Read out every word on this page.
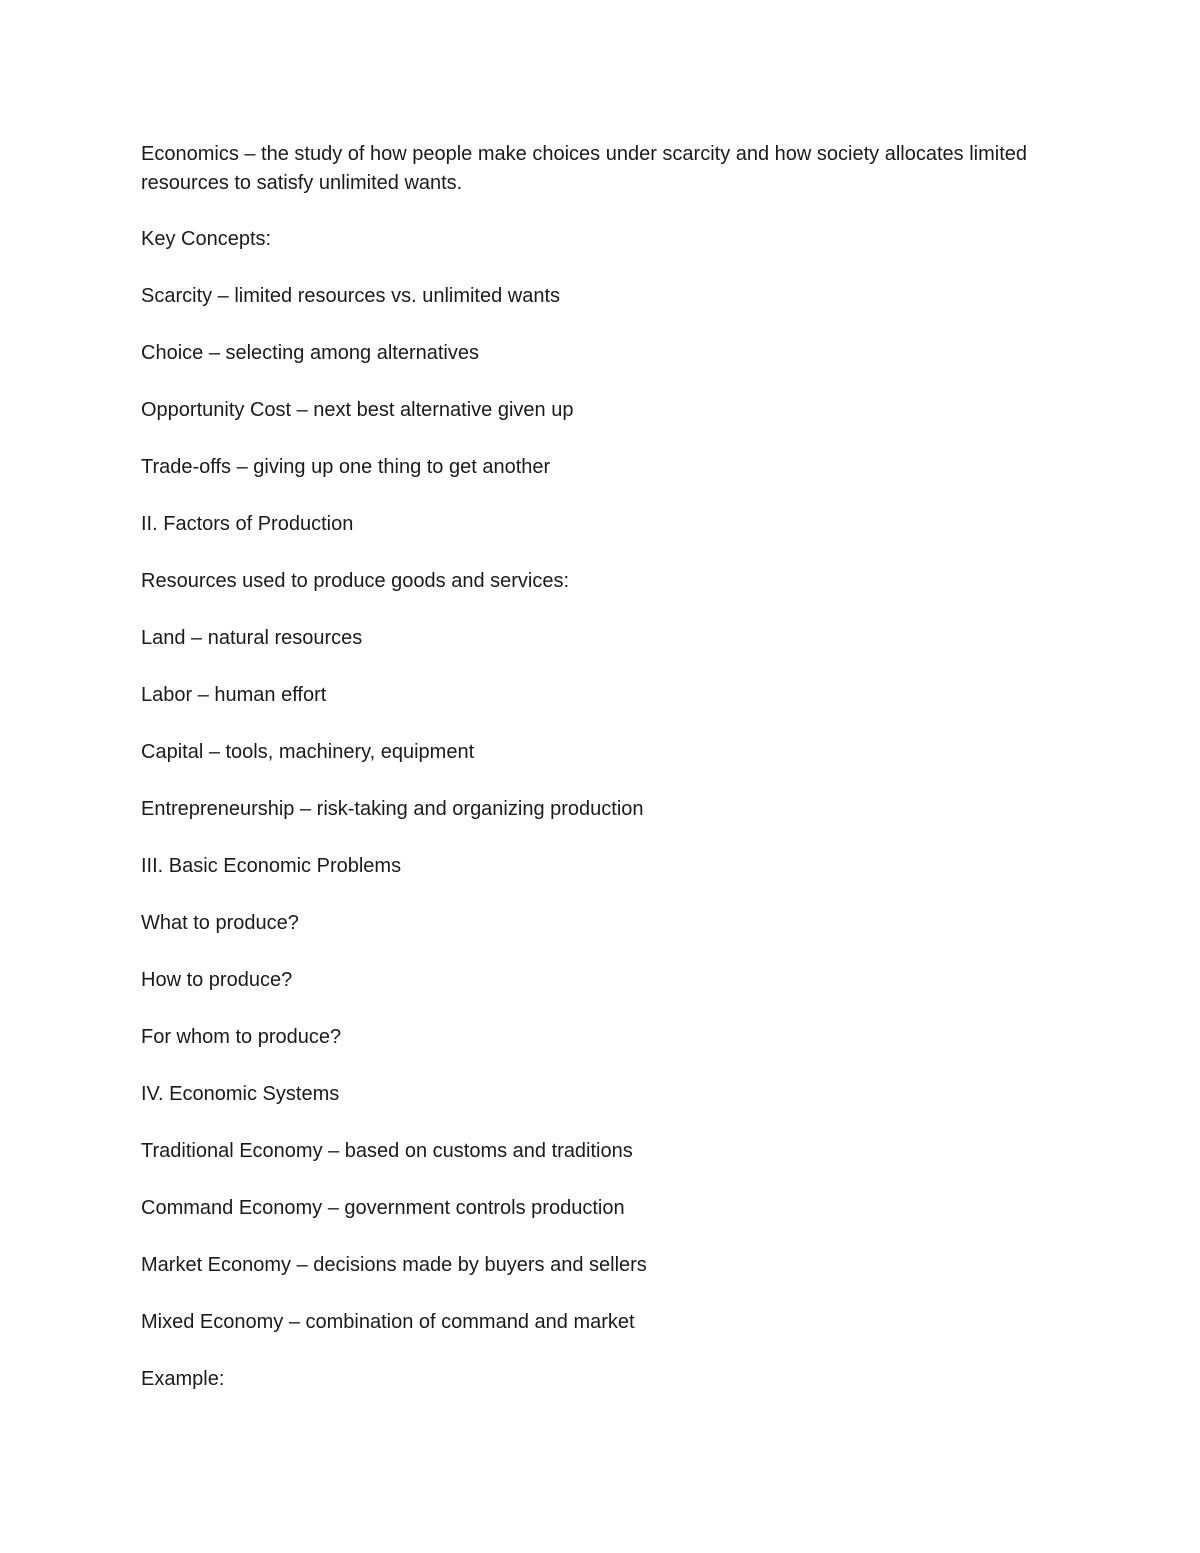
Economics – the study of how people make choices under scarcity and how society allocates limited resources to satisfy unlimited wants.

Key Concepts:

Scarcity – limited resources vs. unlimited wants

Choice – selecting among alternatives

Opportunity Cost – next best alternative given up

Trade-offs – giving up one thing to get another

II. Factors of Production

Resources used to produce goods and services:

Land – natural resources

Labor – human effort

Capital – tools, machinery, equipment

Entrepreneurship – risk-taking and organizing production

III. Basic Economic Problems

What to produce?

How to produce?

For whom to produce?

IV. Economic Systems

Traditional Economy – based on customs and traditions

Command Economy – government controls production

Market Economy – decisions made by buyers and sellers

Mixed Economy – combination of command and market

Example:
